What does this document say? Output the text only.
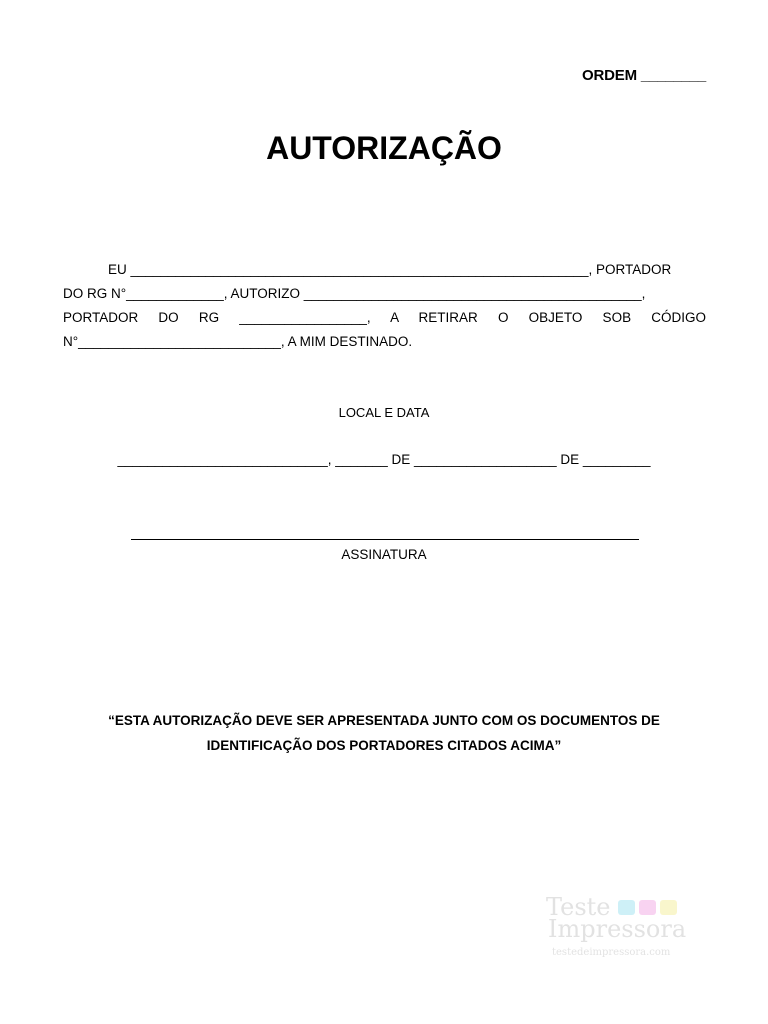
ORDEM ________
AUTORIZAÇÃO
EU _____________________________________________________________, PORTADOR
DO RG N°_____________, AUTORIZO _____________________________________________,
PORTADOR DO RG _________________, A RETIRAR O OBJETO SOB CÓDIGO
N°___________________________, A MIM DESTINADO.
LOCAL E DATA
____________________________, _______ DE ___________________ DE _________
ASSINATURA
“ESTA AUTORIZAÇÃO DEVE SER APRESENTADA JUNTO COM OS DOCUMENTOS DE
IDENTIFICAÇÃO DOS PORTADORES CITADOS ACIMA”
Teste
Impressora
testedeimpressora.com
